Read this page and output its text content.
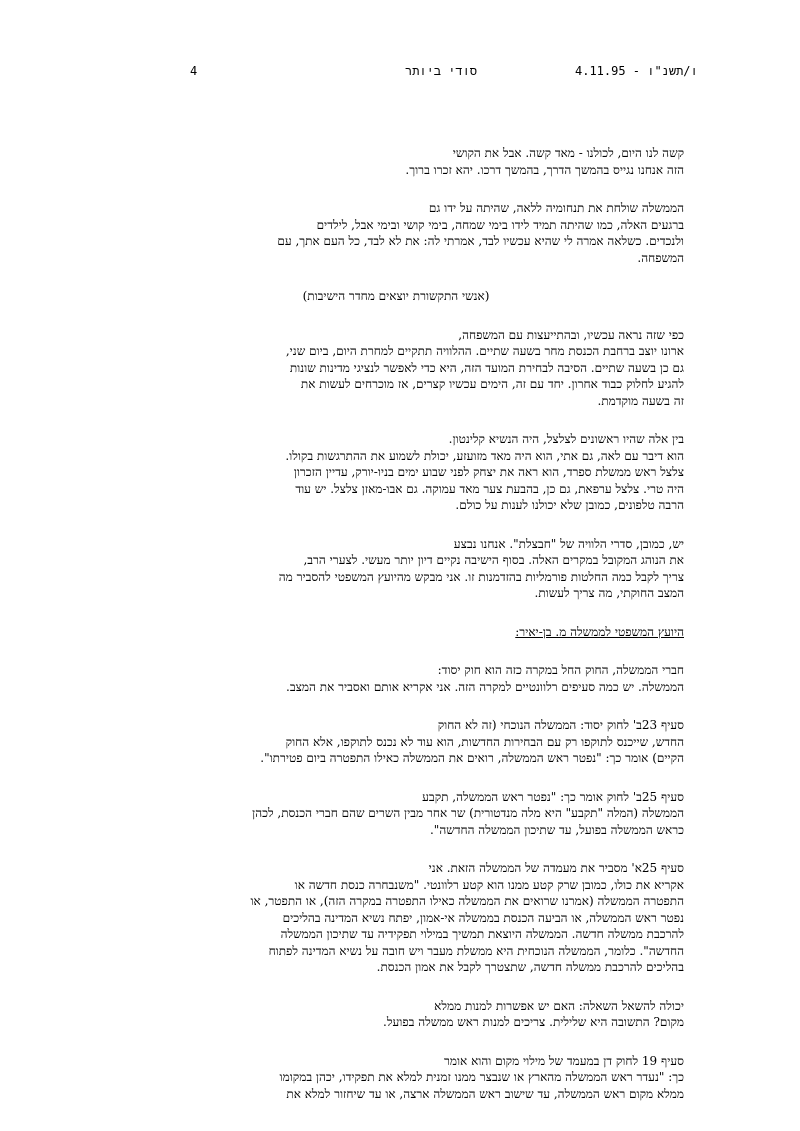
4	סודי ביותר	ו/תשנ"ו - 4.11.95
קשה לנו היום, לכולנו - מאד קשה. אבל את הקושי
הזה אנחנו נגייס בהמשך הדרך, בהמשך דרכו. יהא זכרו ברוך.
הממשלה שולחת את תנחומיה ללאה, שהיתה על ידו גם
ברגעים האלה, כמו שהיתה תמיד לידו בימי שמחה, בימי קושי ובימי אבל, לילדים
ולנכדים. כשלאה אמרה לי שהיא עכשיו לבד, אמרתי לה: את לא לבד, כל העם אתך, עם
המשפחה.
(אנשי התקשורת יוצאים מחדר הישיבות)
כפי שזה נראה עכשיו, ובהתייעצות עם המשפחה,
ארונו יוצב ברחבת הכנסת מחר בשעה שתיים. ההלוויה תתקיים למחרת היום, ביום שני,
גם כן בשעה שתיים. הסיבה לבחירת המועד הזה, היא כדי לאפשר לנציגי מדינות שונות
להגיע לחלוק כבוד אחרון. יחד עם זה, הימים עכשיו קצרים, אז מוכרחים לעשות את
זה בשעה מוקדמת.
בין אלה שהיו ראשונים לצלצל, היה הנשיא קלינטון.
הוא דיבר עם לאה, גם אתי, הוא היה מאד מזועזע, יכולת לשמוע את ההתרגשות בקולו.
צלצל ראש ממשלת ספרד, הוא ראה את יצחק לפני שבוע ימים בניו-יורק, עדיין הזכרון
היה טרי. צלצל ערפאת, גם כן, בהבעת צער מאד עמוקה. גם אבו-מאזן צלצל. יש עוד
הרבה טלפונים, כמובן שלא יכולנו לענות על כולם.
יש, כמובן, סדרי הלוויה של "חבצלת". אנחנו נבצע
את הנוהג המקובל במקרים האלה. בסוף הישיבה נקיים דיון יותר מעשי. לצערי הרב,
צריך לקבל כמה החלטות פורמליות בהזדמנות זו. אני מבקש מהיועץ המשפטי להסביר מה
המצב החוקתי, מה צריך לעשות.
היועץ המשפטי לממשלה מ. בן-יאיר:
חברי הממשלה, החוק החל במקרה כזה הוא חוק יסוד:
הממשלה. יש כמה סעיפים רלוונטיים למקרה הזה. אני אקריא אותם ואסביר את המצב.
סעיף 23ב' לחוק יסוד: הממשלה הנוכחי (זה לא החוק
החדש, שייכנס לתוקפו רק עם הבחירות החדשות, הוא עוד לא נכנס לתוקפו, אלא החוק
הקיים) אומר כך: "נפטר ראש הממשלה, רואים את הממשלה כאילו התפטרה ביום פטירתו".
סעיף 25ב' לחוק אומר כך: "נפטר ראש הממשלה, תקבע
הממשלה (המלה "תקבע" היא מלה מנדטורית) שר אחר מבין השרים שהם חברי הכנסת, לכהן
כראש הממשלה בפועל, עד שתיכון הממשלה החדשה".
סעיף 25א' מסביר את מעמדה של הממשלה הזאת. אני
אקריא את כולו, כמובן שרק קטע ממנו הוא קטע רלוונטי. "משנבחרה כנסת חדשה או
התפטרה הממשלה (אמרנו שרואים את הממשלה כאילו התפטרה במקרה הזה), או התפטר, או
נפטר ראש הממשלה, או הביעה הכנסת בממשלה אי-אמון, יפתח נשיא המדינה בהליכים
להרכבת ממשלה חדשה. הממשלה היוצאת תמשיך במילוי תפקידיה עד שתיכון הממשלה
החדשה". כלומר, הממשלה הנוכחית היא ממשלת מעבר ויש חובה על נשיא המדינה לפתוח
בהליכים להרכבת ממשלה חדשה, שתצטרך לקבל את אמון הכנסת.
יכולה להשאל השאלה: האם יש אפשרות למנות ממלא
מקום? התשובה היא שלילית. צריכים למנות ראש ממשלה בפועל.
סעיף 19 לחוק דן במעמד של מילוי מקום והוא אומר
כך: "נעדר ראש הממשלה מהארץ או שנבצר ממנו זמנית למלא את תפקידו, יכהן במקומו
ממלא מקום ראש הממשלה, עד שישוב ראש הממשלה ארצה, או עד שיחזור למלא את
